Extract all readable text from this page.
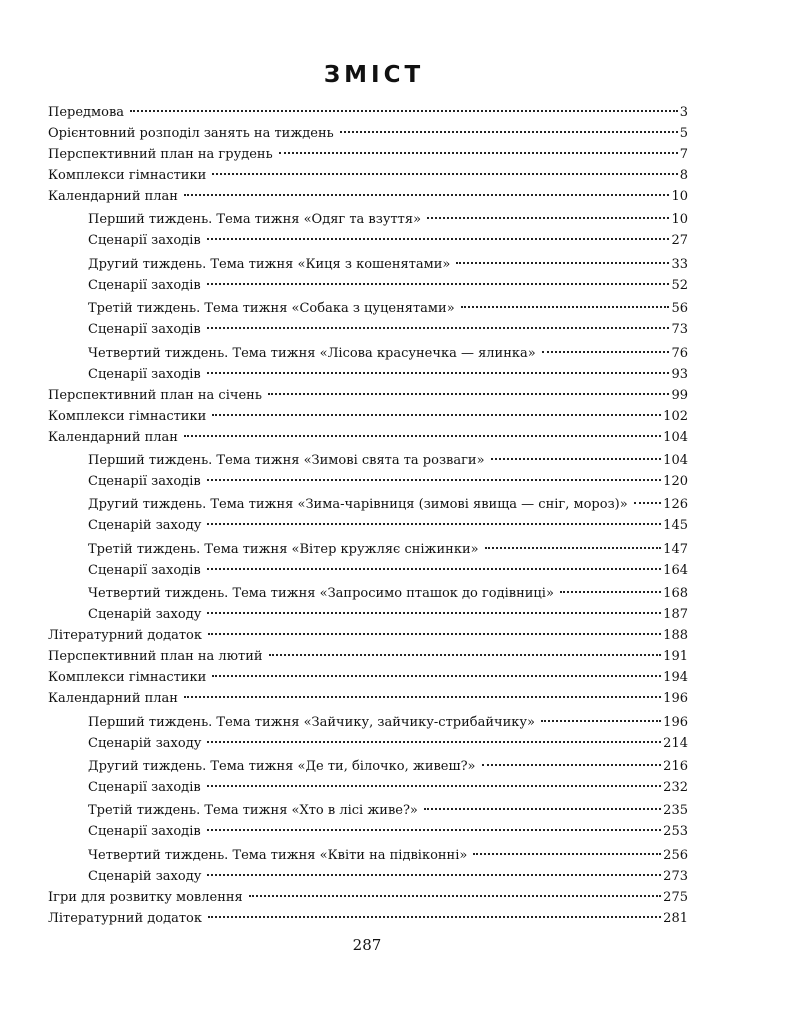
ЗМІСТ
Передмова	3
Орієнтовний розподіл занять на тиждень	5
Перспективний план на грудень	7
Комплекси гімнастики	8
Календарний план	10
Перший тиждень. Тема тижня «Одяг та взуття»	10
Сценарії заходів	27
Другий тиждень. Тема тижня «Киця з кошенятами»	33
Сценарії заходів	52
Третій тиждень. Тема тижня «Собака з цуценятами»	56
Сценарії заходів	73
Четвертий тиждень. Тема тижня «Лісова красунечка — ялинка»	76
Сценарії заходів	93
Перспективний план на січень	99
Комплекси гімнастики	102
Календарний план	104
Перший тиждень. Тема тижня «Зимові свята та розваги»	104
Сценарії заходів	120
Другий тиждень. Тема тижня «Зима-чарівниця (зимові явища — сніг, мороз)»	126
Сценарій заходу	145
Третій тиждень. Тема тижня «Вітер кружляє сніжинки»	147
Сценарії заходів	164
Четвертий тиждень. Тема тижня «Запросимо пташок до годівниці»	168
Сценарій заходу	187
Літературний додаток	188
Перспективний план на лютий	191
Комплекси гімнастики	194
Календарний план	196
Перший тиждень. Тема тижня «Зайчику, зайчику-стрибайчику»	196
Сценарій заходу	214
Другий тиждень. Тема тижня «Де ти, білочко, живеш?»	216
Сценарії заходів	232
Третій тиждень. Тема тижня «Хто в лісі живе?»	235
Сценарії заходів	253
Четвертий тиждень. Тема тижня «Квіти на підвіконні»	256
Сценарій заходу	273
Ігри для розвитку мовлення	275
Літературний додаток	281
287
